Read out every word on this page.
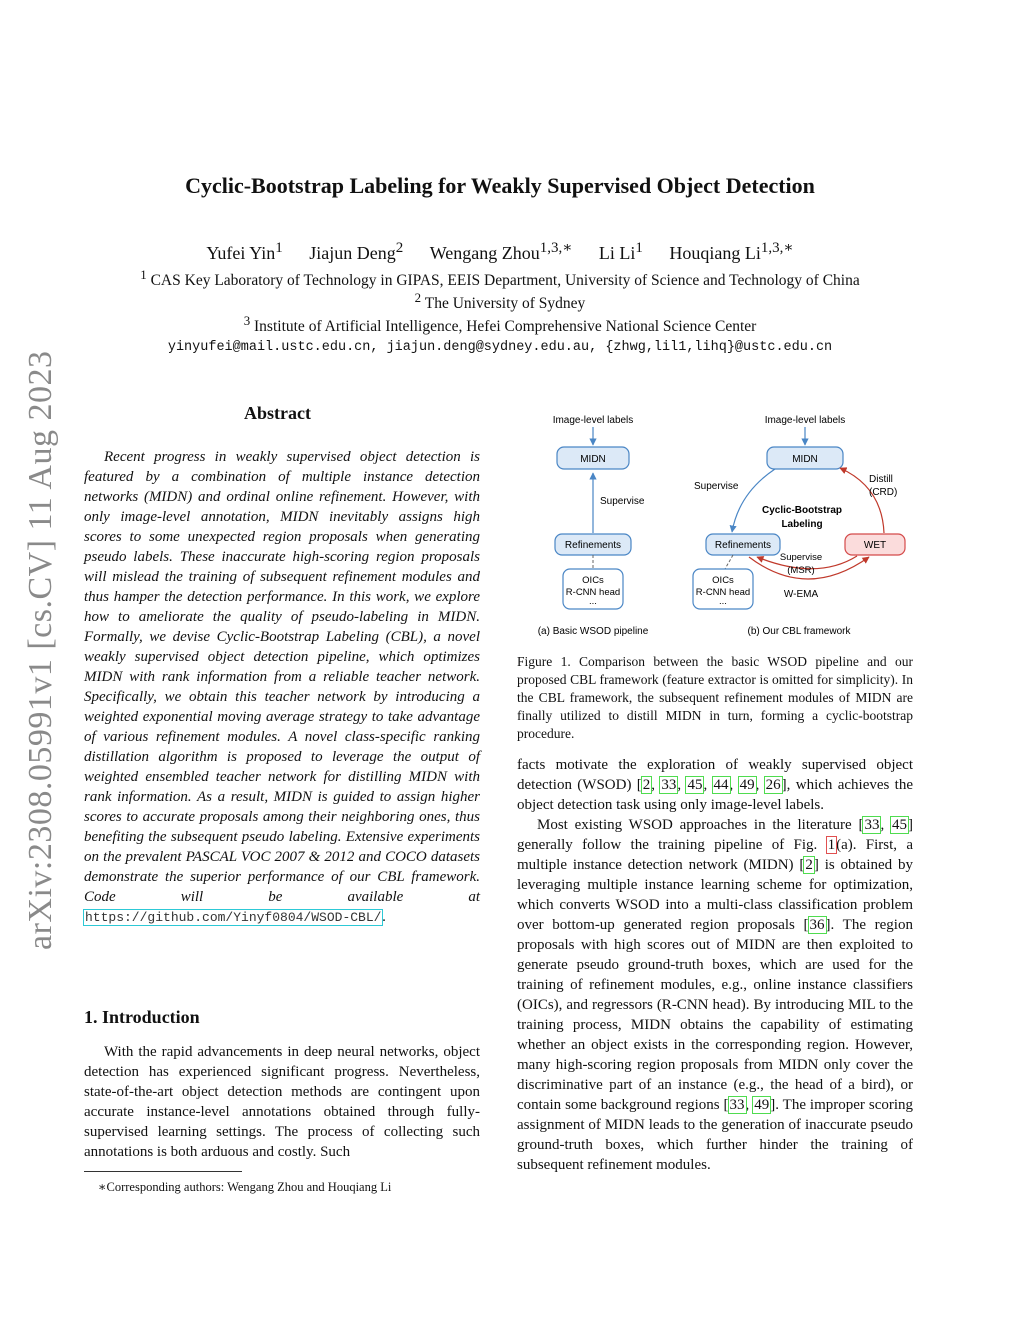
Cyclic-Bootstrap Labeling for Weakly Supervised Object Detection
Yufei Yin$^1$ Jiajun Deng$^2$ Wengang Zhou$^{1,3,∗}$ Li Li$^1$ Houqiang $Li^{1,3,∗}$
$^1$ CAS Key Laboratory of Technology in GIPAS, EEIS Department, University of Science and Technology of China
$^2$ The University of Sydney
$^3$ Institute of Artificial Intelligence, Hefei Comprehensive National Science Center
yinyufei@mail.ustc.edu.cn, jiajun.deng@sydney.edu.au, {zhwg,lil1,lihq}@ustc.edu.cn
arXiv:2308.05991v1 [cs.CV] 11 Aug 2023	Abstract
Recent progress in weakly supervised object detection is featured by a combination of multiple instance detection networks (MIDN) and ordinal online refinement. However, with only image-level annotation, MIDN inevitably assigns high scores to some unexpected region proposals when generating pseudo labels. These inaccurate high-scoring region proposals will mislead the training of subsequent refinement modules and thus hamper the detection performance. In this work, we explore how to ameliorate the quality of pseudo-labeling in MIDN. Formally, we devise Cyclic-Bootstrap Labeling (CBL), a novel weakly supervised object detection pipeline, which optimizes MIDN with rank information from a reliable teacher network. Specifically, we obtain this teacher network by introducing a weighted exponential moving average strategy to take advantage of various refinement modules. A novel class-specific ranking distillation algorithm is proposed to leverage the output of weighted ensembled teacher network for distilling MIDN with rank information. As a result, MIDN is guided to assign higher scores to accurate proposals among their neighboring ones, thus benefiting the subsequent pseudo labeling. Extensive experiments on the prevalent PASCAL VOC 2007 & 2012 and COCO datasets demonstrate the superior performance of our CBL framework. Code will be available at https://github.com/Yinyf0804/WSOD-CBL/.
1. Introduction
With the rapid advancements in deep neural networks, object detection has experienced significant progress. Nevertheless, state-of-the-art object detection methods are contingent upon accurate instance-level annotations obtained through fully-supervised learning settings. The process of collecting such annotations is both arduous and costly. Such
∗Corresponding authors: Wengang Zhou and Houqiang Li
Image-level labels
MIDN
Supervise
Refinements
OICs
R-CNN head
...
(a) Basic WSOD pipeline
Image-level labels
MIDN
Supervise
Distill
(CRD)
Cyclic-Bootstrap
Labeling
Refinements	WET
Supervise
(MSR)
W-EMA
OICs
R-CNN head
...
(b) Our CBL framework
Figure 1. Comparison between the basic WSOD pipeline and our proposed CBL framework (feature extractor is omitted for simplicity). In the CBL framework, the subsequent refinement modules of MIDN are finally utilized to distill MIDN in turn, forming a cyclic-bootstrap procedure.
facts motivate the exploration of weakly supervised object detection (WSOD) [2, 33, 45, 44, 49, 26], which achieves the object detection task using only image-level labels.
Most existing WSOD approaches in the literature [33, 45] generally follow the training pipeline of Fig. 1(a). First, a multiple instance detection network (MIDN) [2] is obtained by leveraging multiple instance learning scheme for optimization, which converts WSOD into a multi-class classification problem over bottom-up generated region proposals [36]. The region proposals with high scores out of MIDN are then exploited to generate pseudo ground-truth boxes, which are used for the training of refinement modules, e.g., online instance classifiers (OICs), and regressors (R-CNN head). By introducing MIL to the training process, MIDN obtains the capability of estimating whether an object exists in the corresponding region. However, many high-scoring region proposals from MIDN only cover the discriminative part of an instance (e.g., the head of a bird), or contain some background regions [33, 49]. The improper scoring assignment of MIDN leads to the generation of inaccurate pseudo ground-truth boxes, which further hinder the training of subsequent refinement modules.
